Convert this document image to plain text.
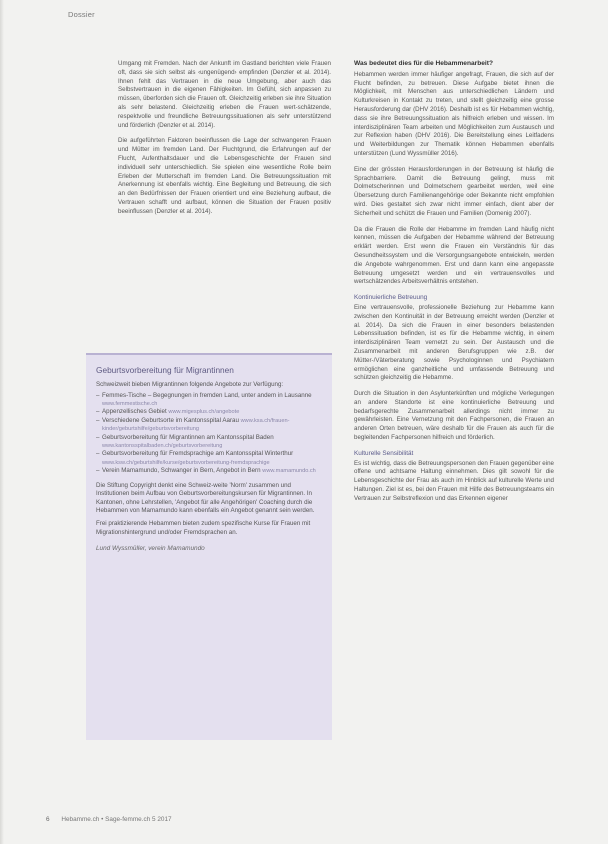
Dossier

Umgang mit Fremden. Nach der Ankunft im Gastland berichten viele Frauen oft, dass sie sich selbst als ‹ungenügend› empfinden (Denzler et al. 2014). Ihnen fehlt das Vertrauen in die neue Umgebung, aber auch das Selbstvertrauen in die eigenen Fähigkeiten. Im Gefühl, sich anpassen zu müssen, überforden sich die Frauen oft. Gleichzeitig erleben sie ihre Situation als sehr belastend. Gleichzeitig erleben die Frauen wert-schätzende, respektvolle und freundliche Betreuungssituationen als sehr unterstützend und förderlich (Denzler et al. 2014).

Die aufgeführten Faktoren beeinflussen die Lage der schwangeren Frauen und Mütter im fremden Land. Der Fluchtgrund, die Erfahrungen auf der Flucht, Aufenthaltsdauer und die Lebensgeschichte der Frauen sind individuell sehr unterschiedlich. Sie spielen eine wesentliche Rolle beim Erleben der Mutterschaft im fremden Land. Die Betreuungssituation mit Anerkennung ist ebenfalls wichtig. Eine Begleitung und Betreuung, die sich an den Bedürfnissen der Frauen orientiert und eine Beziehung aufbaut, die Vertrauen schafft und aufbaut, können die Situation der Frauen positiv beeinflussen (Denzler et al. 2014).

Geburtsvorbereitung für Migrantinnen
Schweizweit bieben Migrantinnen folgende Angebote zur Verfügung:
– Femmes-Tische – Begegnungen in fremden Land, unter andem in Lausanne www.femmestische.ch
– Appenzellisches Gebiet www.migesplus.ch/angebote
– Verschiedene Geburtsorte im Kantonsspital Aarau www.ksa.ch/frauen-kinder/geburtshilfe/geburtsvorbereitung
– Geburtsvorbereitung für Migrantinnen am Kantonsspital Baden www.kantonsspitalbaden.ch/geburtsvorbereitung
– Geburtsvorbereitung für Fremdsprachige am Kantonsspital Winterthur www.ksw.ch/geburtshilfe/kurse/geburtsvorbereitung-fremdsprachige
– Verein Mamamundo, Schwanger in Bern, Angebot in Bern www.mamamundo.ch
Die Stiftung Copyright denkt eine Schweiz-weite 'Norm' zusammen und Institutionen beim Aufbau von Geburtsvorbereitungskursen für Migrantinnen. In Kantonen, ohne Lehrstellen, 'Angebot für alle Angehörigen' Coaching durch die Hebammen von Mamamundo kann ebenfalls ein Angebot genannt sein werden.
Frei praktizierende Hebammen bieten zudem spezifische Kurse für Frauen mit Migrationshintergrund und/oder Fremdsprachen an.
Lund Wyssmüller, verein Mamamundo
Was bedeutet dies für die Hebammenarbeit?

Hebammen werden immer häufiger angefragt, Frauen, die sich auf der Flucht befinden, zu betreuen. Diese Aufgabe bietet ihnen die Möglichkeit, mit Menschen aus unterschiedlichen Ländern und Kulturkreisen in Kontakt zu treten, und stellt gleichzeitig eine grosse Herausforderung dar (DHV 2016). Deshalb ist es für Hebammen wichtig, dass sie ihre Betreuungssituation als hilfreich erleben und wissen. Im interdisziplinären Team arbeiten und Möglichkeiten zum Austausch und zur Reflexion haben (DHV 2016). Die Bereitstellung eines Leitfadens und Weiterbildungen zur Thematik können Hebammen ebenfalls unterstützen (Lund Wyssmüller 2016).

Eine der grössten Herausforderungen in der Betreuung ist häufig die Sprachbarriere. Damit die Betreuung gelingt, muss mit Dolmetscherinnen und Dolmetschern gearbeitet werden, weil eine Übersetzung durch Familienangehörige oder Bekannte nicht empfohlen wird. Dies gestaltet sich zwar nicht immer einfach, dient aber der Sicherheit und schützt die Frauen und Familien (Domenig 2007).

Da die Frauen die Rolle der Hebamme im fremden Land häufig nicht kennen, müssen die Aufgaben der Hebamme während der Betreuung erklärt werden. Erst wenn die Frauen ein Verständnis für das Gesundheitssystem und die Versorgungsangebote entwickeln, werden die Angebote wahrgenommen. Erst und dann kann eine angepasste Betreuung umgesetzt werden und ein vertrauensvolles und wertschätzendes Arbeitsverhältnis entstehen.

Kontinuierliche Betreuung

Eine vertrauensvolle, professionelle Beziehung zur Hebamme kann zwischen den Kontinuität in der Betreuung erreicht werden (Denzler et al. 2014). Da sich die Frauen in einer besonders belastenden Lebenssituation befinden, ist es für die Hebamme wichtig, in einem interdisziplinären Team vernetzt zu sein. Der Austausch und die Zusammenarbeit mit anderen Berufsgruppen wie z.B. der Mütter-/Väterberatung sowie Psychologinnen und Psychiatern ermöglichen eine ganzheitliche und umfassende Betreuung und schützen gleichzeitig die Hebamme.

Durch die Situation in den Asylunterkünften und mögliche Verlegungen an andere Standorte ist eine kontinuierliche Betreuung und bedarfsgerechte Zusammenarbeit allerdings nicht immer zu gewährleisten. Eine Vernetzung mit den Fachpersonen, die Frauen an anderen Orten betreuen, wäre deshalb für die Frauen als auch für die begleitenden Fachpersonen hilfreich und förderlich.

Kulturelle Sensibilität

Es ist wichtig, dass die Betreuungspersonen den Frauen gegenüber eine offene und achtsame Haltung einnehmen. Dies gilt sowohl für die Lebensgeschichte der Frau als auch im Hinblick auf kulturelle Werte und Haltungen. Ziel ist es, bei den Frauen mit Hilfe des Betreuungsteams ein Vertrauen zur Selbstreflexion und das Erkennen eigener

6 Hebamme.ch • Sage-femme.ch 5 2017
